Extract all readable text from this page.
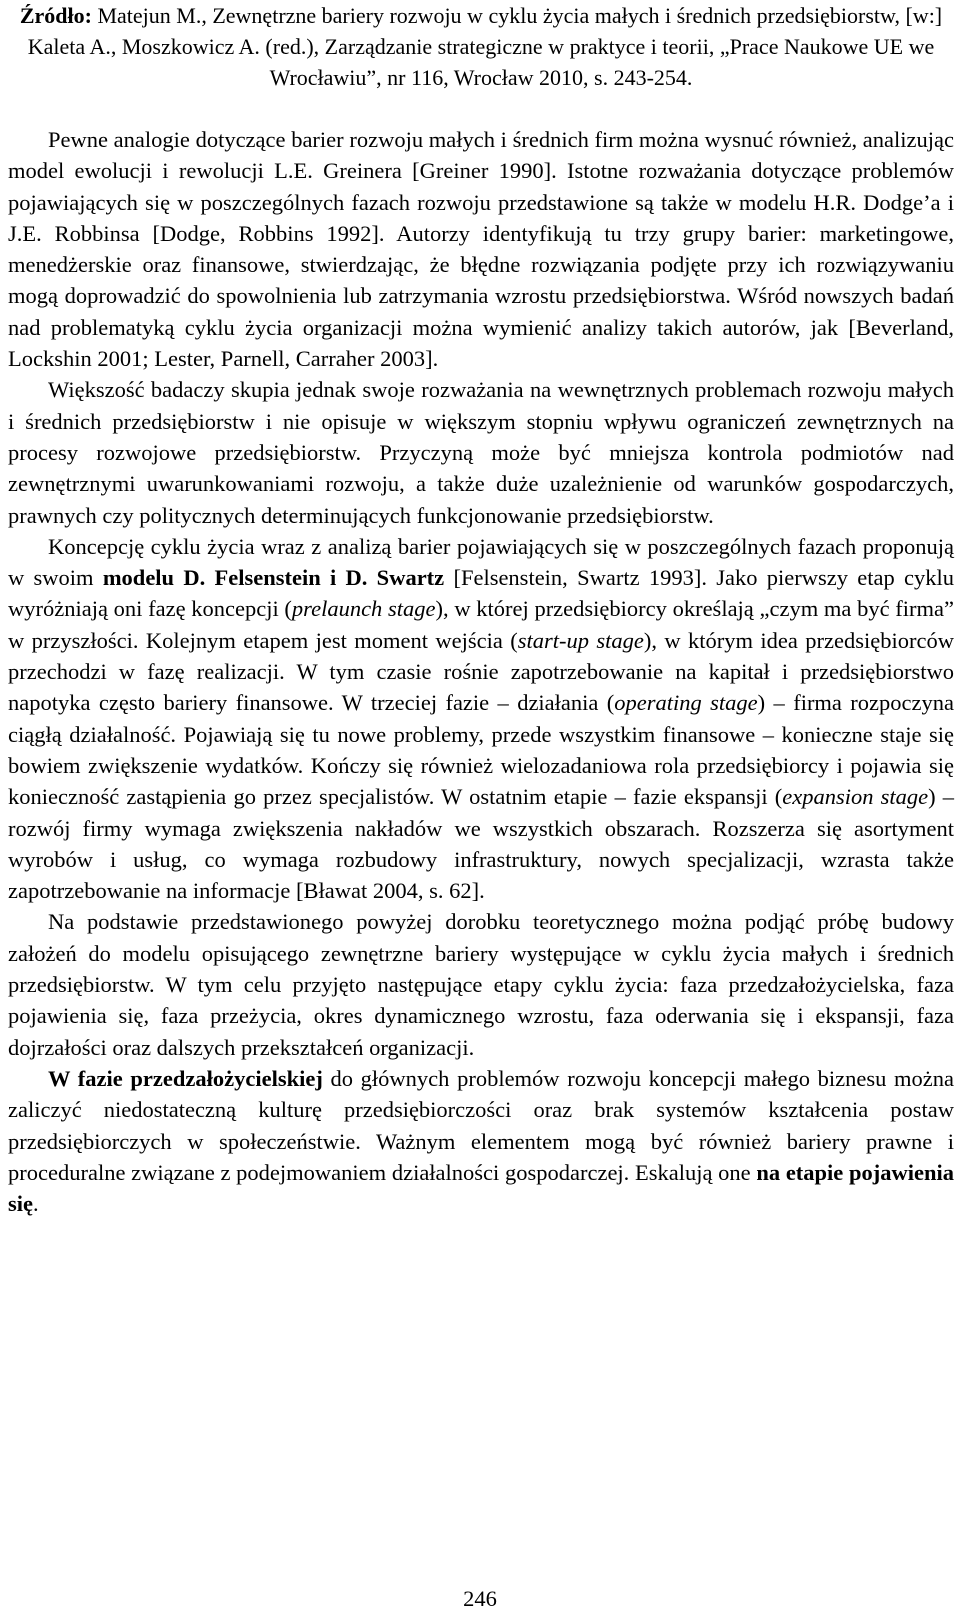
Źródło: Matejun M., Zewnętrzne bariery rozwoju w cyklu życia małych i średnich przedsiębiorstw, [w:] Kaleta A., Moszkowicz A. (red.), Zarządzanie strategiczne w praktyce i teorii, „Prace Naukowe UE we Wrocławiu”, nr 116, Wrocław 2010, s. 243-254.

Pewne analogie dotyczące barier rozwoju małych i średnich firm można wysnuć również, analizując model ewolucji i rewolucji L.E. Greinera [Greiner 1990]. Istotne rozważania dotyczące problemów pojawiających się w poszczególnych fazach rozwoju przedstawione są także w modelu H.R. Dodge’a i J.E. Robbinsa [Dodge, Robbins 1992]. Autorzy identyfikują tu trzy grupy barier: marketingowe, menedżerskie oraz finansowe, stwierdzając, że błędne rozwiązania podjęte przy ich rozwiązywaniu mogą doprowadzić do spowolnienia lub zatrzymania wzrostu przedsiębiorstwa. Wśród nowszych badań nad problematyką cyklu życia organizacji można wymienić analizy takich autorów, jak [Beverland, Lockshin 2001; Lester, Parnell, Carraher 2003].

Większość badaczy skupia jednak swoje rozważania na wewnętrznych problemach rozwoju małych i średnich przedsiębiorstw i nie opisuje w większym stopniu wpływu ograniczeń zewnętrznych na procesy rozwojowe przedsiębiorstw. Przyczyną może być mniejsza kontrola podmiotów nad zewnętrznymi uwarunkowaniami rozwoju, a także duże uzależnienie od warunków gospodarczych, prawnych czy politycznych determinujących funkcjonowanie przedsiębiorstw.

Koncepcję cyklu życia wraz z analizą barier pojawiających się w poszczególnych fazach proponują w swoim modelu D. Felsenstein i D. Swartz [Felsenstein, Swartz 1993]. Jako pierwszy etap cyklu wyróżniają oni fazę koncepcji (prelaunch stage), w której przedsiębiorcy określają „czym ma być firma” w przyszłości. Kolejnym etapem jest moment wejścia (start-up stage), w którym idea przedsiębiorców przechodzi w fazę realizacji. W tym czasie rośnie zapotrzebowanie na kapitał i przedsiębiorstwo napotyka często bariery finansowe. W trzeciej fazie – działania (operating stage) – firma rozpoczyna ciągłą działalność. Pojawiają się tu nowe problemy, przede wszystkim finansowe – konieczne staje się bowiem zwiększenie wydatków. Kończy się również wielozadaniowa rola przedsiębiorcy i pojawia się konieczność zastąpienia go przez specjalistów. W ostatnim etapie – fazie ekspansji (expansion stage) – rozwój firmy wymaga zwiększenia nakładów we wszystkich obszarach. Rozszerza się asortyment wyrobów i usług, co wymaga rozbudowy infrastruktury, nowych specjalizacji, wzrasta także zapotrzebowanie na informacje [Bławat 2004, s. 62].

Na podstawie przedstawionego powyżej dorobku teoretycznego można podjąć próbę budowy założeń do modelu opisującego zewnętrzne bariery występujące w cyklu życia małych i średnich przedsiębiorstw. W tym celu przyjęto następujące etapy cyklu życia: faza przedzałożycielska, faza pojawienia się, faza przeżycia, okres dynamicznego wzrostu, faza oderwania się i ekspansji, faza dojrzałości oraz dalszych przekształceń organizacji.

W fazie przedzałożycielskiej do głównych problemów rozwoju koncepcji małego biznesu można zaliczyć niedostateczną kulturę przedsiębiorczości oraz brak systemów kształcenia postaw przedsiębiorczych w społeczeństwie. Ważnym elementem mogą być również bariery prawne i proceduralne związane z podejmowaniem działalności gospodarczej. Eskalują one na etapie pojawienia się.

246
